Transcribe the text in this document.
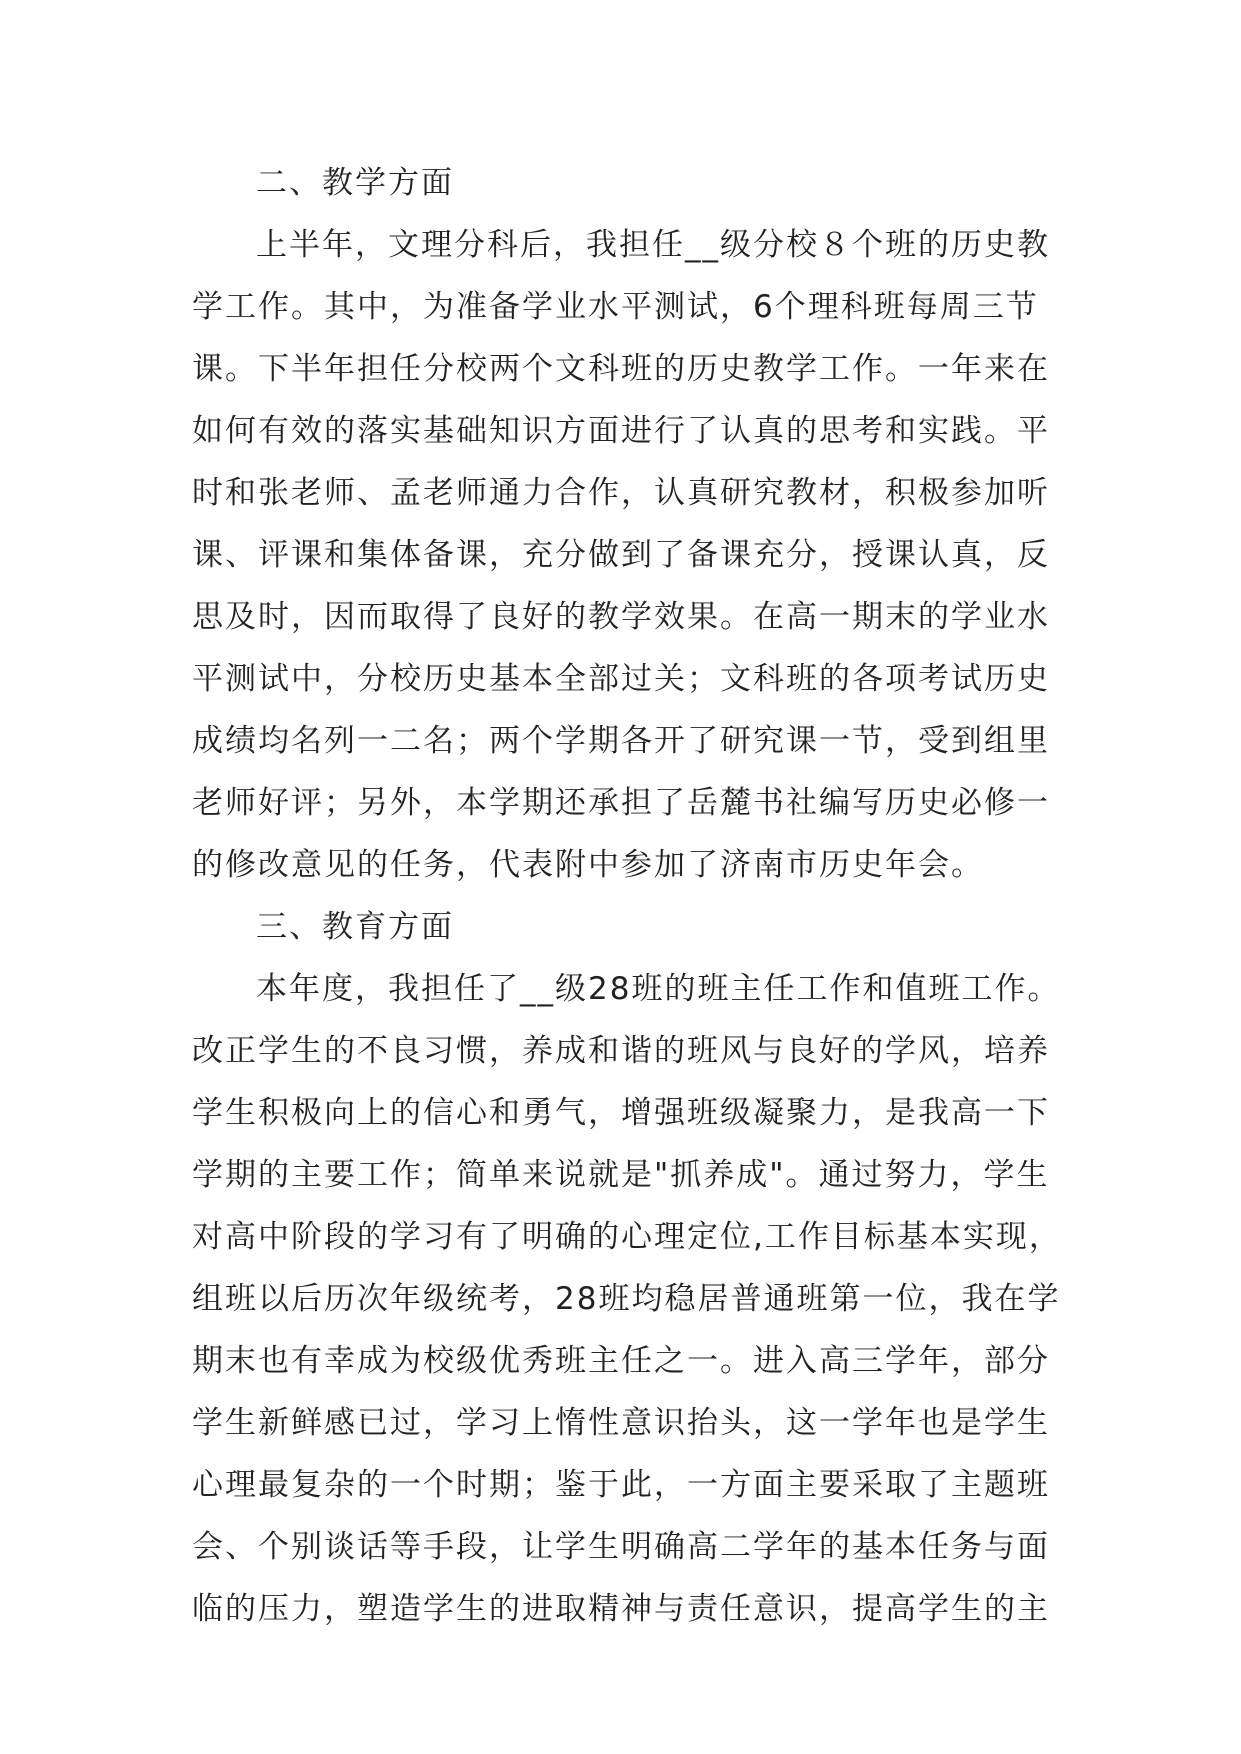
二、教学方面
上半年，文理分科后，我担任__级分校８个班的历史教
学工作。其中，为准备学业水平测试，6个理科班每周三节
课。下半年担任分校两个文科班的历史教学工作。一年来在
如何有效的落实基础知识方面进行了认真的思考和实践。平
时和张老师、孟老师通力合作，认真研究教材，积极参加听
课、评课和集体备课，充分做到了备课充分，授课认真，反
思及时，因而取得了良好的教学效果。在高一期末的学业水
平测试中，分校历史基本全部过关；文科班的各项考试历史
成绩均名列一二名；两个学期各开了研究课一节，受到组里
老师好评；另外，本学期还承担了岳麓书社编写历史必修一
的修改意见的任务，代表附中参加了济南市历史年会。
三、教育方面
本年度，我担任了__级28班的班主任工作和值班工作。
改正学生的不良习惯，养成和谐的班风与良好的学风，培养
学生积极向上的信心和勇气，增强班级凝聚力，是我高一下
学期的主要工作；简单来说就是"抓养成"。通过努力，学生
对高中阶段的学习有了明确的心理定位,工作目标基本实现，
组班以后历次年级统考，28班均稳居普通班第一位，我在学
期末也有幸成为校级优秀班主任之一。进入高三学年，部分
学生新鲜感已过，学习上惰性意识抬头，这一学年也是学生
心理最复杂的一个时期；鉴于此，一方面主要采取了主题班
会、个别谈话等手段，让学生明确高二学年的基本任务与面
临的压力，塑造学生的进取精神与责任意识，提高学生的主
